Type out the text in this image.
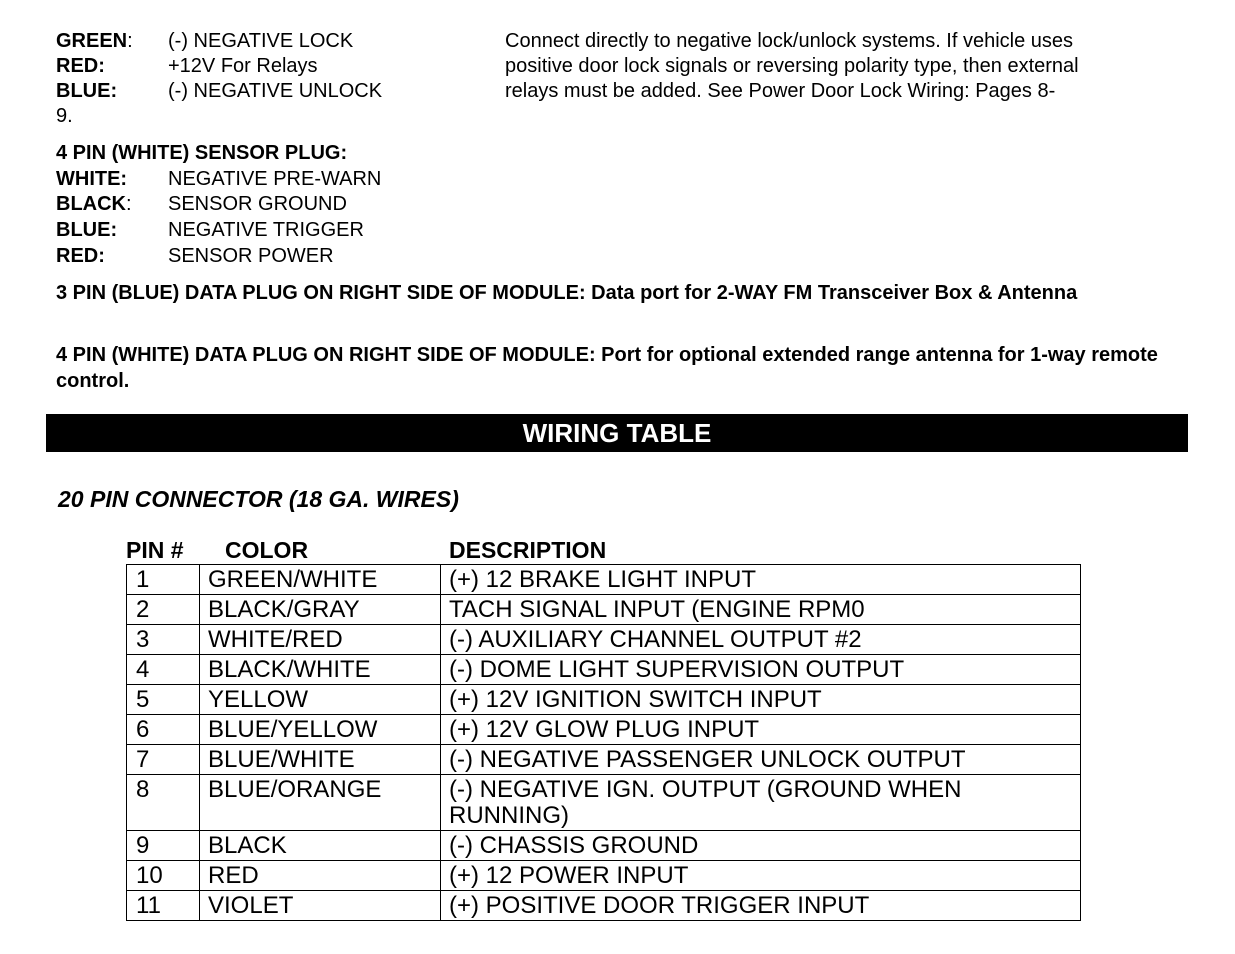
GREEN: (-) NEGATIVE LOCK
RED:	+12V For Relays
BLUE:	(-) NEGATIVE UNLOCK
Connect directly to negative lock/unlock systems. If vehicle uses
positive door lock signals or reversing polarity type, then external
relays must be added. See Power Door Lock Wiring: Pages 8-
9.
4 PIN (WHITE) SENSOR PLUG:
WHITE: NEGATIVE PRE-WARN
BLACK: SENSOR GROUND
BLUE:	NEGATIVE TRIGGER
RED:	SENSOR POWER
3 PIN (BLUE) DATA PLUG ON RIGHT SIDE OF MODULE: Data port for 2-WAY FM Transceiver Box & Antenna
4 PIN (WHITE) DATA PLUG ON RIGHT SIDE OF MODULE: Port for optional extended range antenna for 1-way remote control.
WIRING TABLE
20 PIN CONNECTOR (18 GA. WIRES)
PIN # COLOR	DESCRIPTION
1	GREEN/WHITE	(+) 12 BRAKE LIGHT INPUT
2	BLACK/GRAY	TACH SIGNAL INPUT (ENGINE RPM0
3	WHITE/RED	(-) AUXILIARY CHANNEL OUTPUT #2
4	BLACK/WHITE	(-) DOME LIGHT SUPERVISION OUTPUT
5	YELLOW	(+) 12V IGNITION SWITCH INPUT
6	BLUE/YELLOW	(+) 12V GLOW PLUG INPUT
7	BLUE/WHITE	(-) NEGATIVE PASSENGER UNLOCK OUTPUT
8	BLUE/ORANGE	(-) NEGATIVE IGN. OUTPUT (GROUND WHEN RUNNING)
9	BLACK	(-) CHASSIS GROUND
10	RED	(+) 12 POWER INPUT
11	VIOLET	(+) POSITIVE DOOR TRIGGER INPUT
